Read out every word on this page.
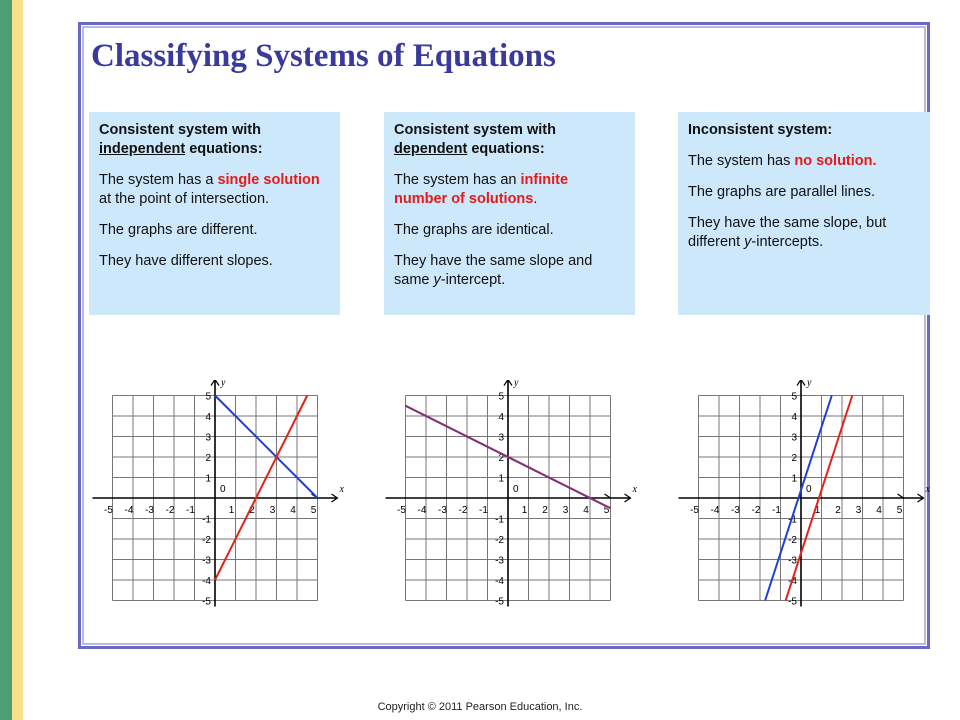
Classifying Systems of Equations

Consistent system with independent equations:

The system has a single solution at the point of intersection.

The graphs are different.

They have different slopes.

Consistent system with dependent equations:

The system has an infinite number of solutions.

The graphs are identical.

They have the same slope and same y-intercept.

Inconsistent system:

The system has no solution.

The graphs are parallel lines.

They have the same slope, but different y-intercepts.

x
y
-5 -4 -3 -2 -1	1 2 3 4 5
5
4
3
2
1
-1
-2
-3
-4
-5
0	x
y
-5 -4 -3 -2 -1	1 2 3 4 5
5
4
3
2
1
-1
-2
-3
-4
-5
0	x
y
-5 -4 -3 -2 -1	1 2 3 4 5
5
4
3
2
1
-1
-2
-3
-4
-5
0
Copyright © 2011 Pearson Education, Inc.
